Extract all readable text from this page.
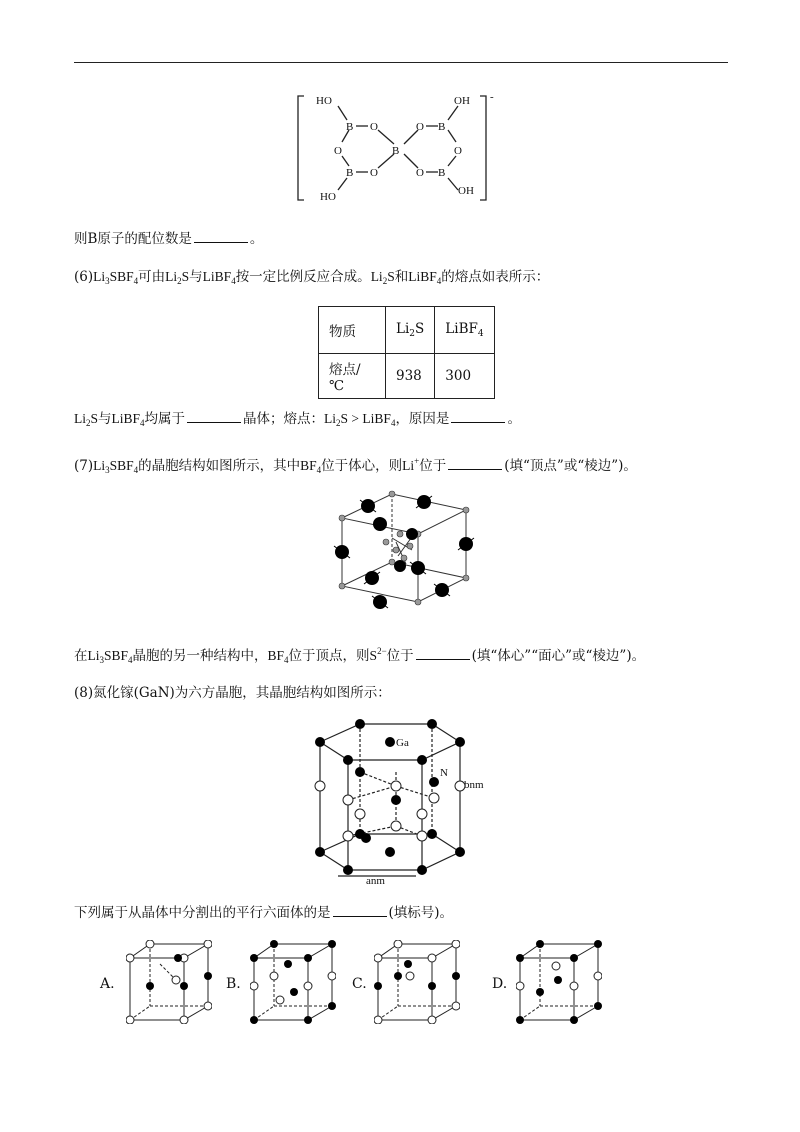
HO
B O
O	B
O B
O
B O	O B
HO
OH
OH
-
则B原子的配位数是	。
$(6)Li_3SBF_4$可由$Li_2S$与LiBF$_4$按一定比例反应合成。$Li_2S$和LiBF$_4$的熔点如表所示：
物质	$Li_2S$	LiBF$_4$
熔点/℃	938	300
$Li_2S$与LiBF$_4$均属于	晶体；熔点：$Li_2S$ > LiBF$_4$，原因是	。
$(7)Li_3SBF_4$的晶胞结构如图所示，其中$BF_4$位于体心，则Li+位于	(填“顶点”或“棱边”)。
在$Li_3SBF_4$晶胞的另一种结构中，$BF_4$位于顶点，则$S^{2-}$位于	(填“体心”“面心”或“棱边”)。
(8)氮化镓(GaN)为六方晶胞，其晶胞结构如图所示：
Ga
N
bnm
anm
下列属于从晶体中分割出的平行六面体的是	(填标号)。
A.	B.	C.	D.
